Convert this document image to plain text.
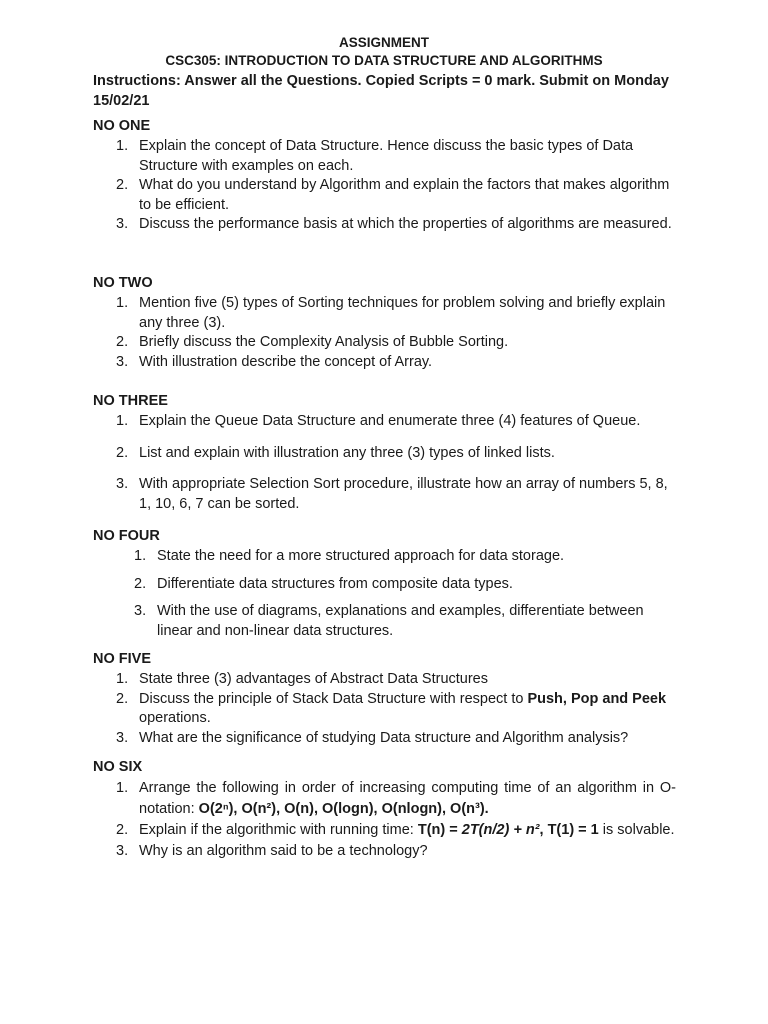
ASSIGNMENT
CSC305: INTRODUCTION TO DATA STRUCTURE AND ALGORITHMS
Instructions: Answer all the Questions. Copied Scripts = 0 mark. Submit on Monday 15/02/21
NO ONE
1. Explain the concept of Data Structure. Hence discuss the basic types of Data Structure with examples on each.
2. What do you understand by Algorithm and explain the factors that makes algorithm to be efficient.
3. Discuss the performance basis at which the properties of algorithms are measured.
NO TWO
1. Mention five (5) types of Sorting techniques for problem solving and briefly explain any three (3).
2. Briefly discuss the Complexity Analysis of Bubble Sorting.
3. With illustration describe the concept of Array.
NO THREE
1. Explain the Queue Data Structure and enumerate three (4) features of Queue.
2. List and explain with illustration any three (3) types of linked lists.
3. With appropriate Selection Sort procedure, illustrate how an array of numbers 5, 8, 1, 10, 6, 7 can be sorted.
NO FOUR
1. State the need for a more structured approach for data storage.
2. Differentiate data structures from composite data types.
3. With the use of diagrams, explanations and examples, differentiate between linear and non-linear data structures.
NO FIVE
1. State three (3) advantages of Abstract Data Structures
2. Discuss the principle of Stack Data Structure with respect to Push, Pop and Peek operations.
3. What are the significance of studying Data structure and Algorithm analysis?
NO SIX
1. Arrange the following in order of increasing computing time of an algorithm in O-notation: O(2ⁿ), O(n²), O(n), O(logn), O(nlogn), O(n³).
2. Explain if the algorithmic with running time: T(n) = 2T(n/2) + n², T(1) = 1 is solvable.
3. Why is an algorithm said to be a technology?
